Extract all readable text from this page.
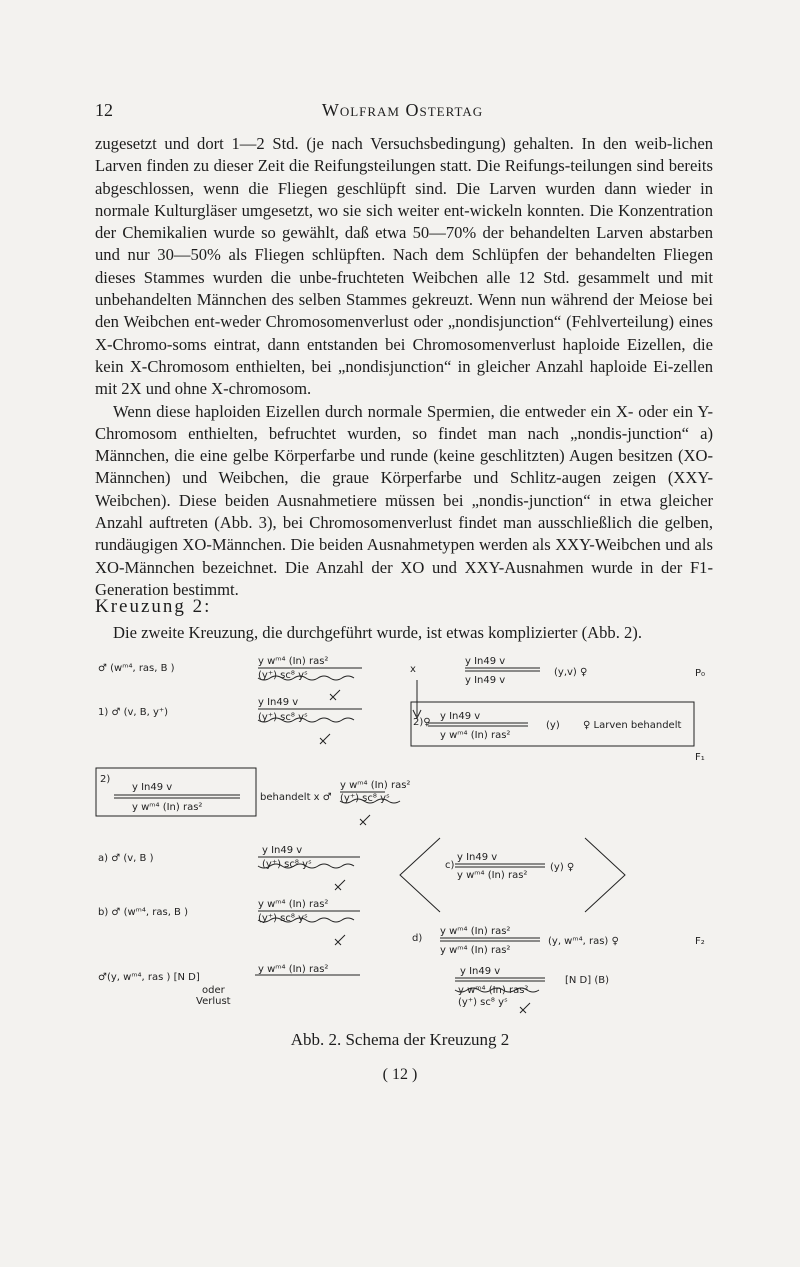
12	Wolfram Ostertag

zugesetzt und dort 1—2 Std. (je nach Versuchsbedingung) gehalten. In den weib-lichen Larven finden zu dieser Zeit die Reifungsteilungen statt. Die Reifungs-teilungen sind bereits abgeschlossen, wenn die Fliegen geschlüpft sind. Die Larven wurden dann wieder in normale Kulturgläser umgesetzt, wo sie sich weiter ent-wickeln konnten. Die Konzentration der Chemikalien wurde so gewählt, daß etwa 50—70% der behandelten Larven abstarben und nur 30—50% als Fliegen schlüpften. Nach dem Schlüpfen der behandelten Fliegen dieses Stammes wurden die unbe-fruchteten Weibchen alle 12 Std. gesammelt und mit unbehandelten Männchen des selben Stammes gekreuzt. Wenn nun während der Meiose bei den Weibchen ent-weder Chromosomenverlust oder „nondisjunction“ (Fehlverteilung) eines X-Chromo-soms eintrat, dann entstanden bei Chromosomenverlust haploide Eizellen, die kein X-Chromosom enthielten, bei „nondisjunction“ in gleicher Anzahl haploide Ei-zellen mit 2X und ohne X-chromosom.

Wenn diese haploiden Eizellen durch normale Spermien, die entweder ein X- oder ein Y-Chromosom enthielten, befruchtet wurden, so findet man nach „nondis-junction“ a) Männchen, die eine gelbe Körperfarbe und runde (keine geschlitzten) Augen besitzen (XO-Männchen) und Weibchen, die graue Körperfarbe und Schlitz-augen zeigen (XXY-Weibchen). Diese beiden Ausnahmetiere müssen bei „nondis-junction“ in etwa gleicher Anzahl auftreten (Abb. 3), bei Chromosomenverlust findet man ausschließlich die gelben, rundäugigen XO-Männchen. Die beiden Ausnahmetypen werden als XXY-Weibchen und als XO-Männchen bezeichnet. Die Anzahl der XO und XXY-Ausnahmen wurde in der F1-Generation bestimmt.

Kreuzung 2:
Die zweite Kreuzung, die durchgeführt wurde, ist etwas komplizierter (Abb. 2).
♂ (wᵐ⁴, ras, B )
y wᵐ⁴ (In) ras²
(y⁺) sc⁸ yˢ
x
y In49 v
y In49 v
(y,v) ♀	P₀
1) ♂ (v, B, y⁺)
y In49 v
(y⁺) sc⁸ yˢ	2)♀
y In49 v
y wᵐ⁴ (In) ras²
(y) ♀ Larven behandelt
F₁
2)
y In49 v
y wᵐ⁴ (In) ras²
behandelt x ♂
y wᵐ⁴ (In) ras²
(y⁺) sc⁸ yˢ
a) ♂ (v, B )
y In49 v
(y⁺) sc⁸ yˢ
b) ♂ (wᵐ⁴, ras, B )
y wᵐ⁴ (In) ras²
(y⁺) sc⁸ yˢ
c)
y In49 v
y wᵐ⁴ (In) ras²
(y) ♀
d)
y wᵐ⁴ (In) ras²
y wᵐ⁴ (In) ras²
(y, wᵐ⁴, ras) ♀	F₂
♂(y, wᵐ⁴, ras ) [N D]
oder
Verlust
y wᵐ⁴ (In) ras²	y In49 v
y wᵐ⁴ (In) ras²
(y⁺) sc⁸ yˢ
[N D] (B)
Abb. 2. Schema der Kreuzung 2
( 12 )
